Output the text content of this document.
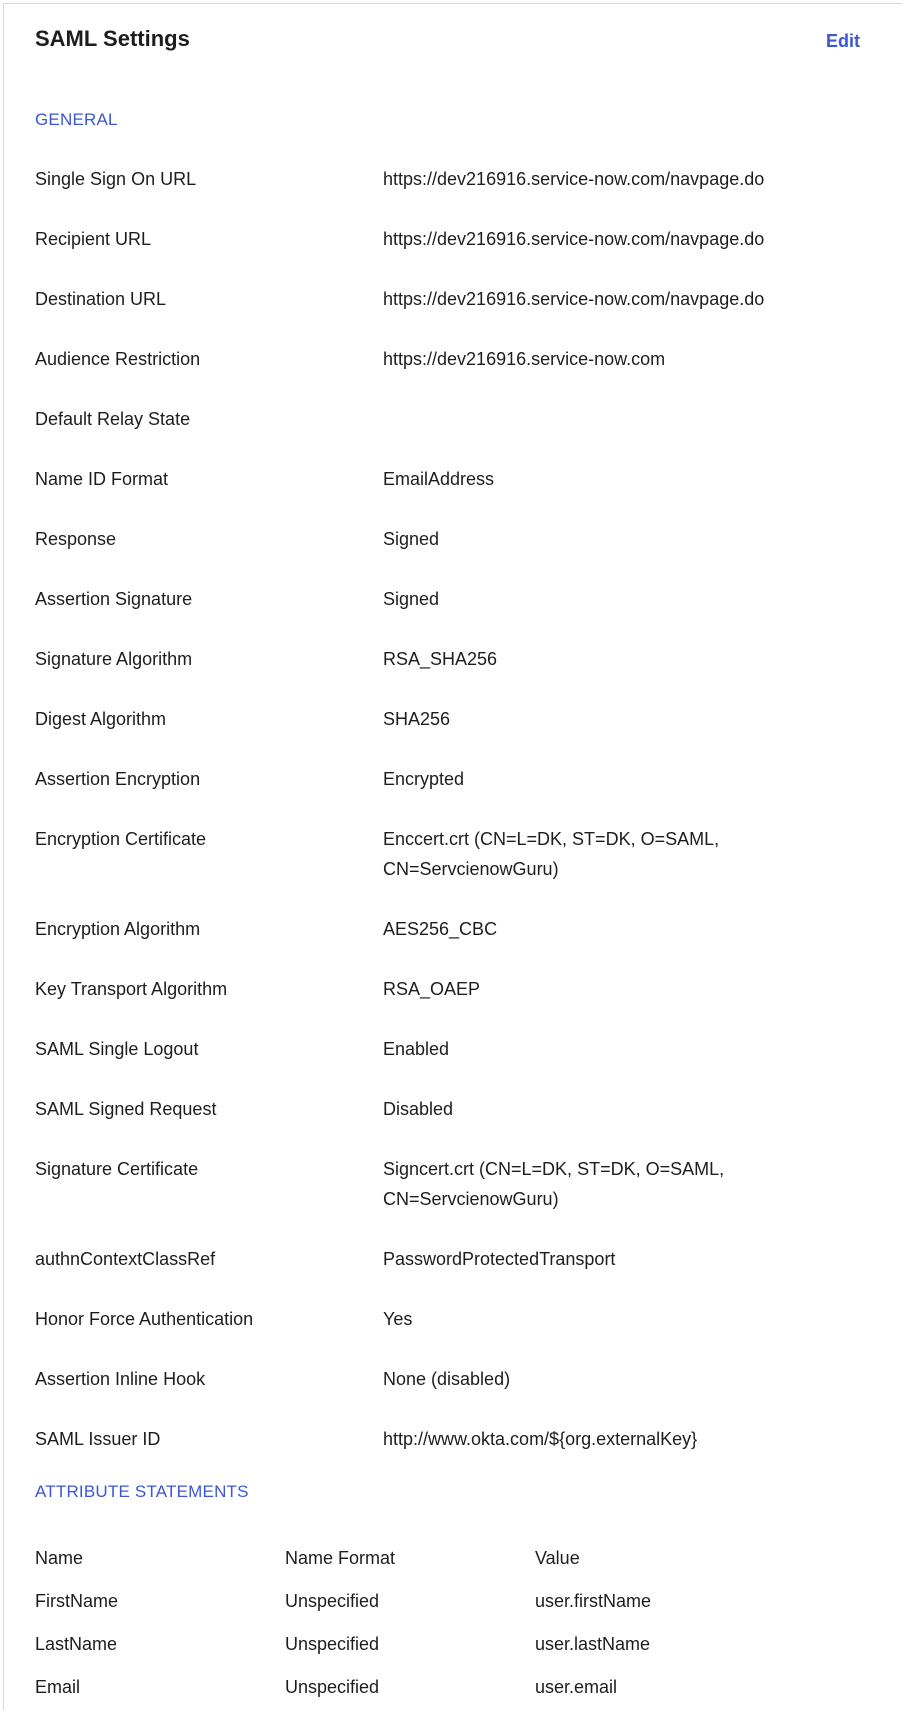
SAML Settings	Edit
GENERAL
Single Sign On URL	https://dev216916.service-now.com/navpage.do
Recipient URL	https://dev216916.service-now.com/navpage.do
Destination URL	https://dev216916.service-now.com/navpage.do
Audience Restriction	https://dev216916.service-now.com
Default Relay State
Name ID Format	EmailAddress
Response	Signed
Assertion Signature	Signed
Signature Algorithm	RSA_SHA256
Digest Algorithm	SHA256
Assertion Encryption	Encrypted
Encryption Certificate	Enccert.crt (CN=L=DK, ST=DK, O=SAML, CN=ServcienowGuru)
Encryption Algorithm	AES256_CBC
Key Transport Algorithm	RSA_OAEP
SAML Single Logout	Enabled
SAML Signed Request	Disabled
Signature Certificate	Signcert.crt (CN=L=DK, ST=DK, O=SAML, CN=ServcienowGuru)
authnContextClassRef	PasswordProtectedTransport
Honor Force Authentication	Yes
Assertion Inline Hook	None (disabled)
SAML Issuer ID	http://www.okta.com/${org.externalKey}
ATTRIBUTE STATEMENTS
Name	Name Format	Value
FirstName	Unspecified	user.firstName
LastName	Unspecified	user.lastName
Email	Unspecified	user.email
